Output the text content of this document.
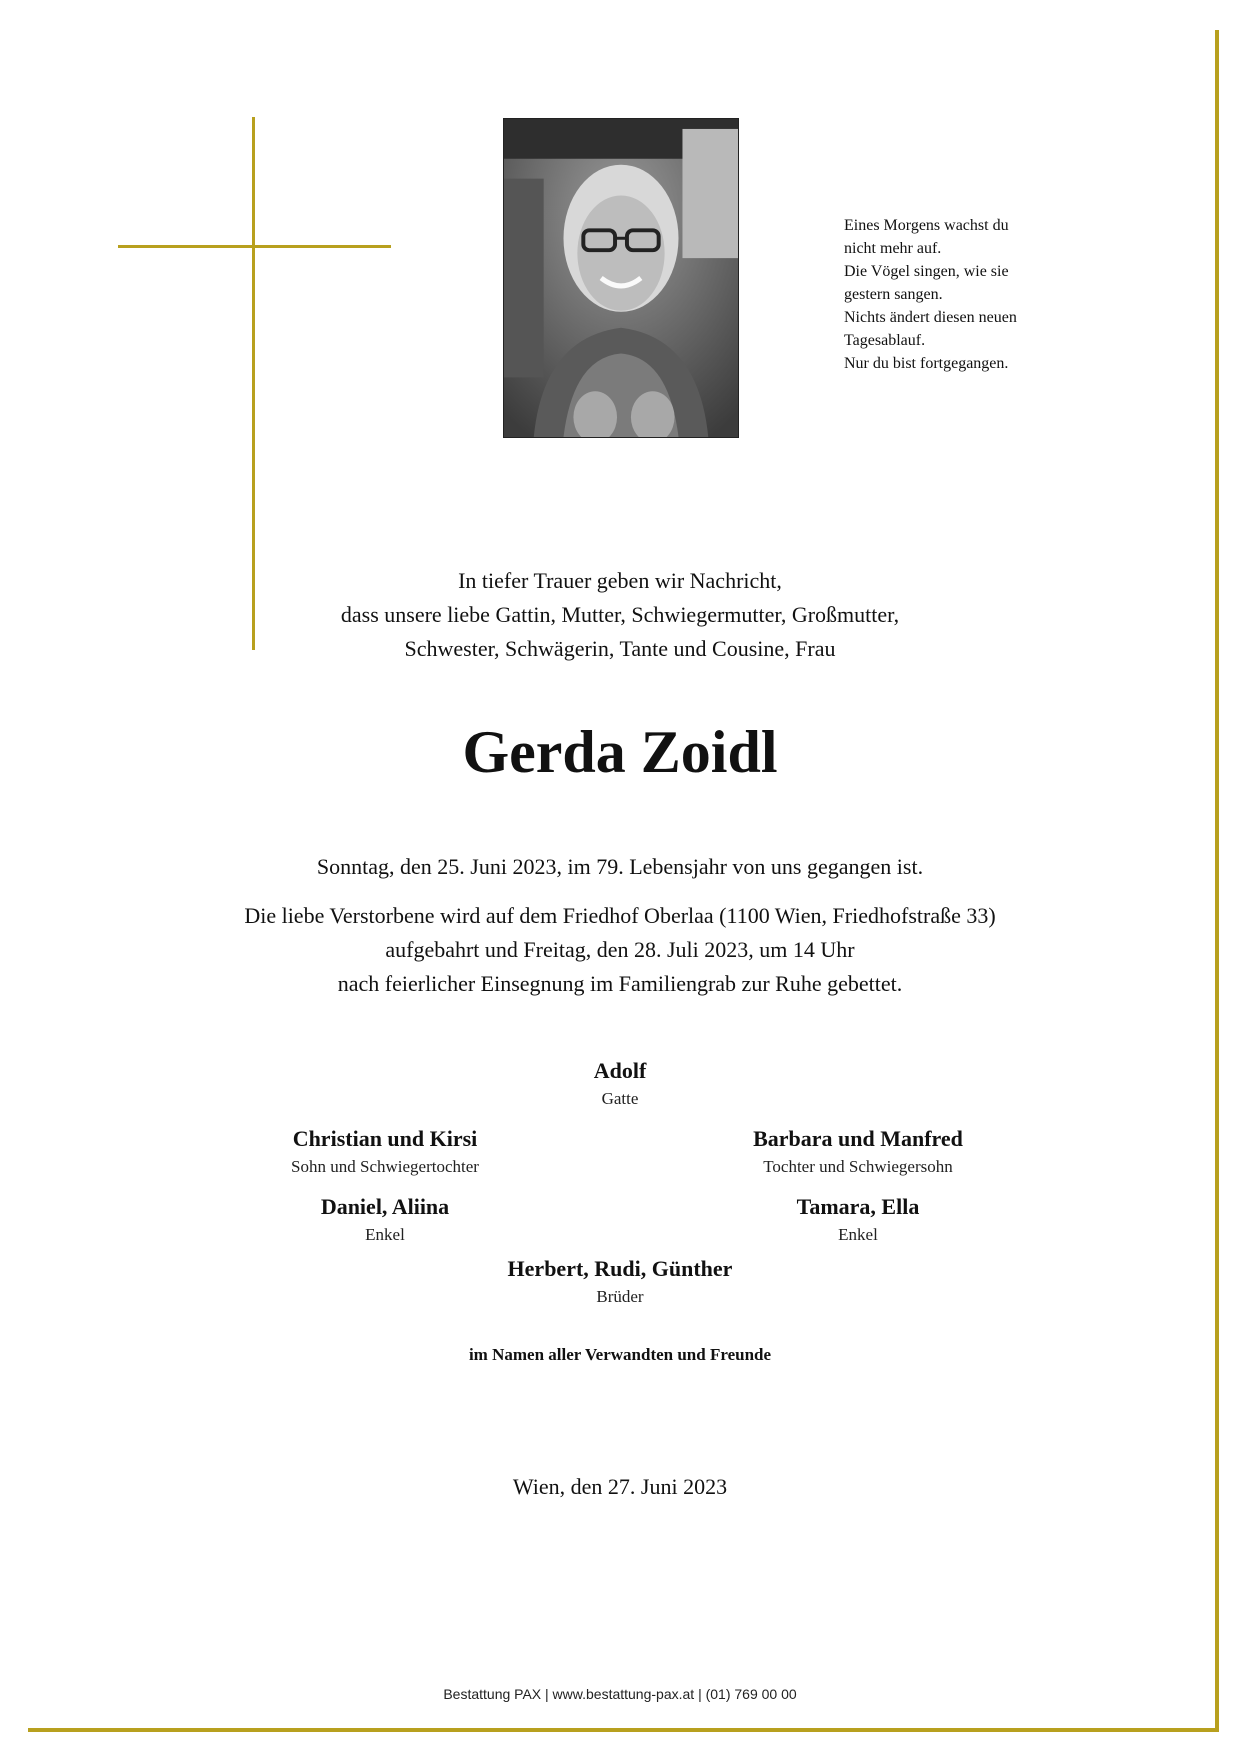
Eines Morgens wachst du
nicht mehr auf.
Die Vögel singen, wie sie
gestern sangen.
Nichts ändert diesen neuen
Tagesablauf.
Nur du bist fortgegangen.
In tiefer Trauer geben wir Nachricht,
dass unsere liebe Gattin, Mutter, Schwiegermutter, Großmutter,
Schwester, Schwägerin, Tante und Cousine, Frau
Gerda Zoidl
Sonntag, den 25. Juni 2023, im 79. Lebensjahr von uns gegangen ist.
Die liebe Verstorbene wird auf dem Friedhof Oberlaa (1100 Wien, Friedhofstraße 33)
aufgebahrt und Freitag, den 28. Juli 2023, um 14 Uhr
nach feierlicher Einsegnung im Familiengrab zur Ruhe gebettet.
Adolf
Gatte
Christian und Kirsi
Sohn und Schwiegertochter
Barbara und Manfred
Tochter und Schwiegersohn
Daniel, Aliina
Enkel
Tamara, Ella
Enkel
Herbert, Rudi, Günther
Brüder
im Namen aller Verwandten und Freunde
Wien, den 27. Juni 2023
Bestattung PAX | www.bestattung-pax.at | (01) 769 00 00
